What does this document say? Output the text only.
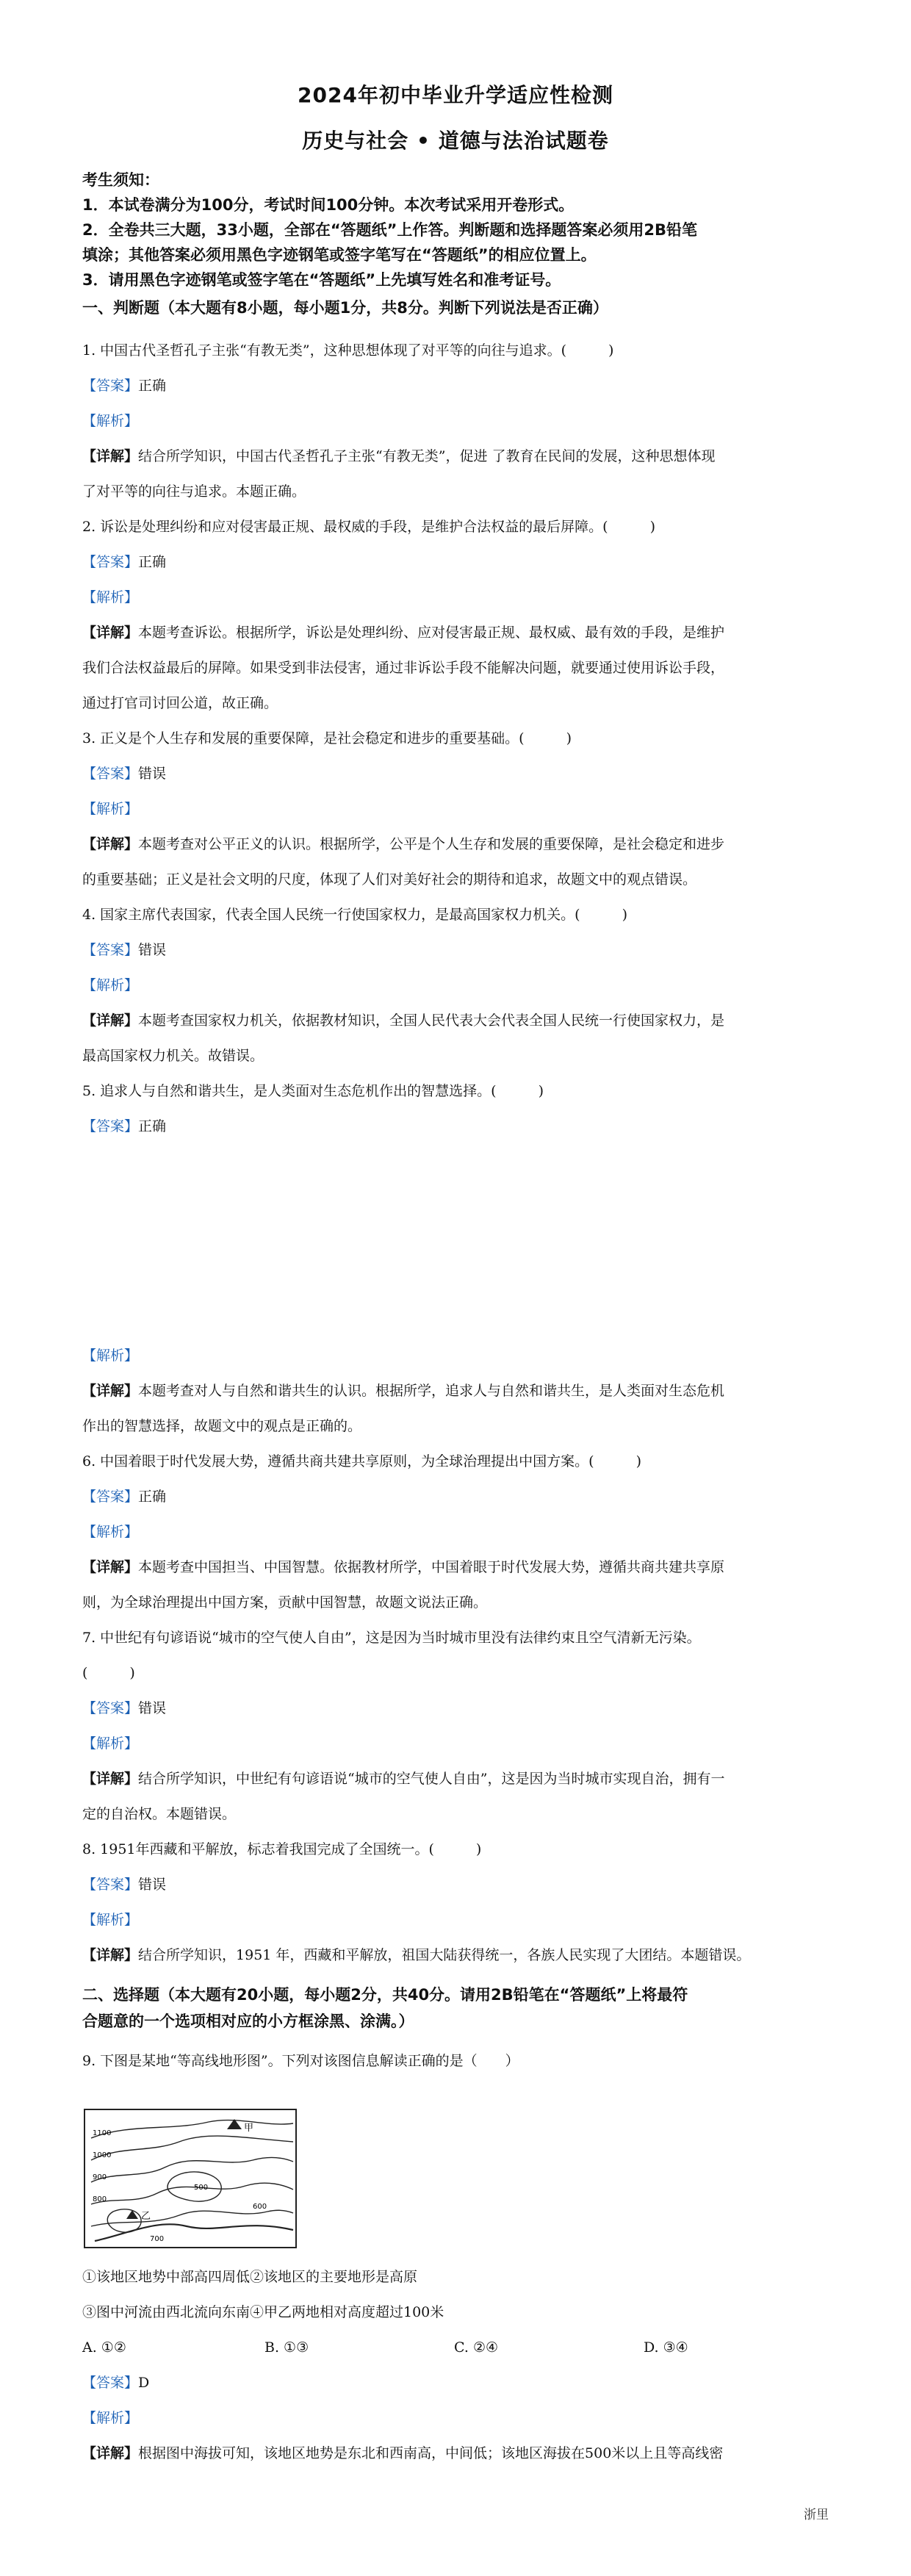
2024年初中毕业升学适应性检测
历史与社会 • 道德与法治试题卷
考生须知：
1．本试卷满分为100分，考试时间100分钟。本次考试采用开卷形式。
2．全卷共三大题，33小题，全部在“答题纸”上作答。判断题和选择题答案必须用2B铅笔
填涂；其他答案必须用黑色字迹钢笔或签字笔写在“答题纸”的相应位置上。
3．请用黑色字迹钢笔或签字笔在“答题纸”上先填写姓名和准考证号。
一、判断题（本大题有8小题，每小题1分，共8分。判断下列说法是否正确）
1. 中国古代圣哲孔子主张“有教无类”，这种思想体现了对平等的向往与追求。(　　　)
【答案】正确
【解析】
【详解】结合所学知识，中国古代圣哲孔子主张“有教无类”，促进 了教育在民间的发展，这种思想体现
了对平等的向往与追求。本题正确。
2. 诉讼是处理纠纷和应对侵害最正规、最权威的手段，是维护合法权益的最后屏障。(　　　)
【答案】正确
【解析】
【详解】本题考查诉讼。根据所学，诉讼是处理纠纷、应对侵害最正规、最权威、最有效的手段，是维护
我们合法权益最后的屏障。如果受到非法侵害，通过非诉讼手段不能解决问题，就要通过使用诉讼手段，
通过打官司讨回公道，故正确。
3. 正义是个人生存和发展的重要保障，是社会稳定和进步的重要基础。(　　　)
【答案】错误
【解析】
【详解】本题考查对公平正义的认识。根据所学，公平是个人生存和发展的重要保障，是社会稳定和进步
的重要基础；正义是社会文明的尺度，体现了人们对美好社会的期待和追求，故题文中的观点错误。
4. 国家主席代表国家，代表全国人民统一行使国家权力，是最高国家权力机关。(　　　)
【答案】错误
【解析】
【详解】本题考查国家权力机关，依据教材知识，全国人民代表大会代表全国人民统一行使国家权力，是
最高国家权力机关。故错误。
5. 追求人与自然和谐共生，是人类面对生态危机作出的智慧选择。(　　　)
【答案】正确
【解析】
【详解】本题考查对人与自然和谐共生的认识。根据所学，追求人与自然和谐共生，是人类面对生态危机
作出的智慧选择，故题文中的观点是正确的。
6. 中国着眼于时代发展大势，遵循共商共建共享原则，为全球治理提出中国方案。(　　　)
【答案】正确
【解析】
【详解】本题考查中国担当、中国智慧。依据教材所学，中国着眼于时代发展大势，遵循共商共建共享原
则，为全球治理提出中国方案，贡献中国智慧，故题文说法正确。
7. 中世纪有句谚语说“城市的空气使人自由”，这是因为当时城市里没有法律约束且空气清新无污染。
(　　　)
【答案】错误
【解析】
【详解】结合所学知识，中世纪有句谚语说“城市的空气使人自由”，这是因为当时城市实现自治，拥有一
定的自治权。本题错误。
8. 1951年西藏和平解放，标志着我国完成了全国统一。(　　　)
【答案】错误
【解析】
【详解】结合所学知识，1951 年，西藏和平解放，祖国大陆获得统一，各族人民实现了大团结。本题错误。
二、选择题（本大题有20小题，每小题2分，共40分。请用2B铅笔在“答题纸”上将最符
合题意的一个选项相对应的小方框涂黑、涂满。）
9. 下图是某地“等高线地形图”。下列对该图信息解读正确的是（　　）
甲
乙
1100
1000
900
500
800
700
600
①该地区地势中部高四周低②该地区的主要地形是高原
③图中河流由西北流向东南④甲乙两地相对高度超过100米
A. ①②	B. ①③	C. ②④	D. ③④
【答案】D
【解析】
【详解】根据图中海拔可知，该地区地势是东北和西南高，中间低；该地区海拔在500米以上且等高线密
浙里
